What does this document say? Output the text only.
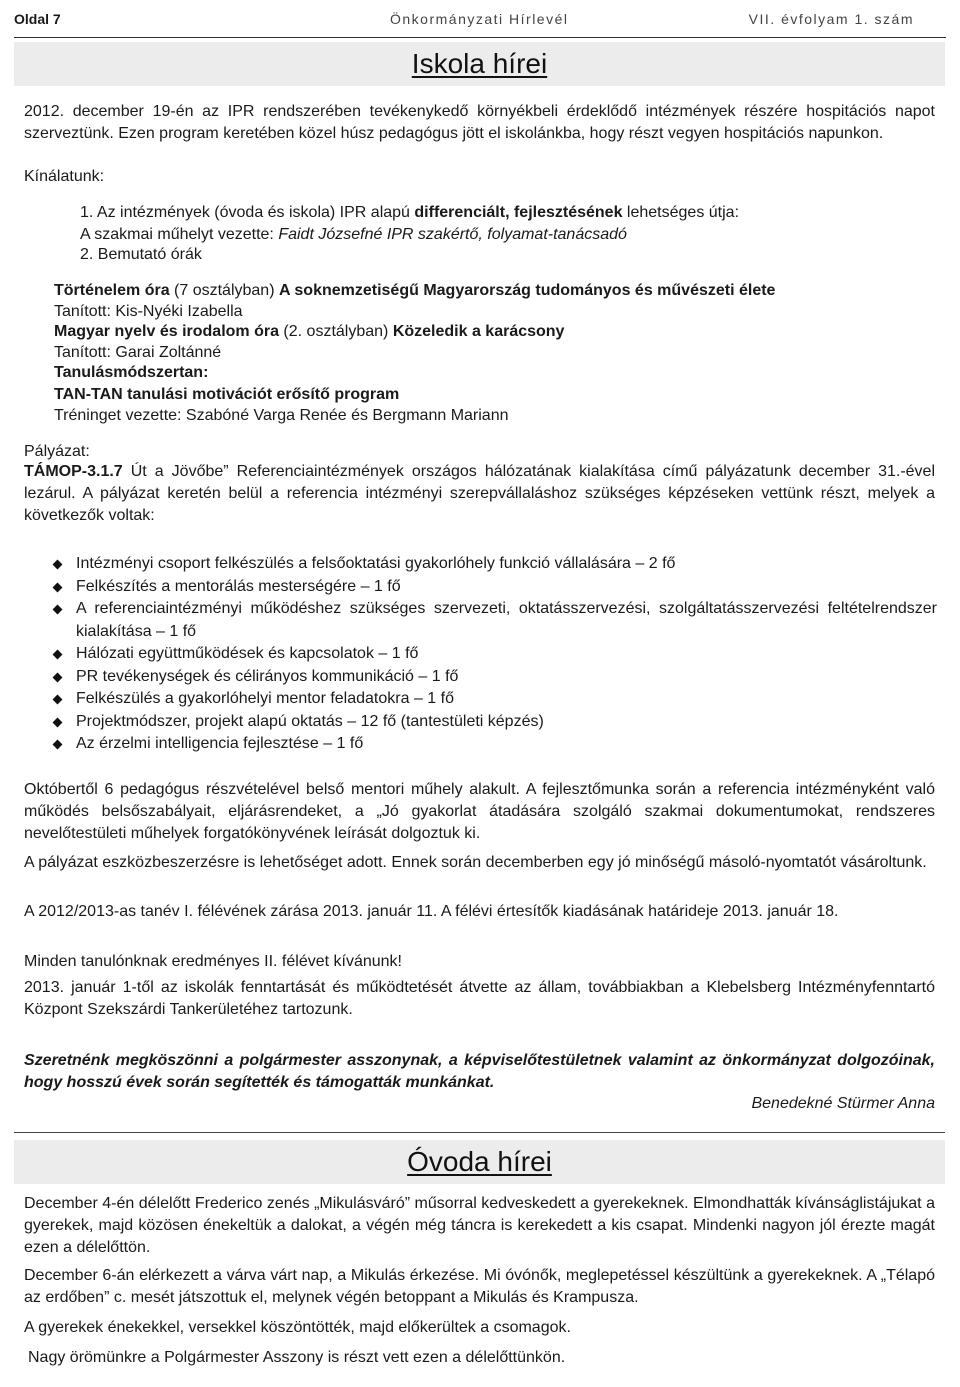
Oldal 7	Önkormányzati Hírlevél	VII. évfolyam 1. szám
Iskola hírei

2012. december 19-én az IPR rendszerében tevékenykedő környékbeli érdeklődő intézmények részére hospitációs napot szerveztünk. Ezen program keretében közel húsz pedagógus jött el iskolánkba, hogy részt vegyen hospitációs napunkon.

Kínálatunk:

1. Az intézmények (óvoda és iskola) IPR alapú differenciált, fejlesztésének lehetséges útja:

A szakmai műhelyt vezette: Faidt Józsefné IPR szakértő, folyamat-tanácsadó

2. Bemutató órák

Történelem óra (7 osztályban) A soknemzetiségű Magyarország tudományos és művészeti élete

Tanított: Kis-Nyéki Izabella

Magyar nyelv és irodalom óra (2. osztályban) Közeledik a karácsony

Tanított: Garai Zoltánné

Tanulásmódszertan:

TAN-TAN tanulási motivációt erősítő program

Tréninget vezette: Szabóné Varga Renée és Bergmann Mariann

Pályázat:

TÁMOP-3.1.7 Út a Jövőbe” Referenciaintézmények országos hálózatának kialakítása című pályázatunk december 31.-ével lezárul. A pályázat keretén belül a referencia intézményi szerepvállaláshoz szükséges képzéseken vettünk részt, melyek a következők voltak:

Intézményi csoport felkészülés a felsőoktatási gyakorlóhely funkció vállalására – 2 fő
Felkészítés a mentorálás mesterségére – 1 fő
A referenciaintézményi működéshez szükséges szervezeti, oktatásszervezési, szolgáltatásszervezési feltételrendszer kialakítása – 1 fő
Hálózati együttműködések és kapcsolatok – 1 fő
PR tevékenységek és célirányos kommunikáció – 1 fő
Felkészülés a gyakorlóhelyi mentor feladatokra – 1 fő
Projektmódszer, projekt alapú oktatás – 12 fő (tantestületi képzés)
Az érzelmi intelligencia fejlesztése – 1 fő

Októbertől 6 pedagógus részvételével belső mentori műhely alakult. A fejlesztőmunka során a referencia intézményként való működés belsőszabályait, eljárásrendeket, a „Jó gyakorlat átadására szolgáló szakmai dokumentumokat, rendszeres nevelőtestületi műhelyek forgatókönyvének leírását dolgoztuk ki.

A pályázat eszközbeszerzésre is lehetőséget adott. Ennek során decemberben egy jó minőségű másoló-nyomtatót vásároltunk.

A 2012/2013-as tanév I. félévének zárása 2013. január 11. A félévi értesítők kiadásának határideje 2013. január 18.

Minden tanulónknak eredményes II. félévet kívánunk!

2013. január 1-től az iskolák fenntartását és működtetését átvette az állam, továbbiakban a Klebelsberg Intézményfenntartó Központ Szekszárdi Tankerületéhez tartozunk.

Szeretnénk megköszönni a polgármester asszonynak, a képviselőtestületnek valamint az önkormányzat dolgozóinak, hogy hosszú évek során segítették és támogatták munkánkat.

Benedekné Stürmer Anna

Óvoda hírei

December 4-én délelőtt Frederico zenés „Mikulásváró” műsorral kedveskedett a gyerekeknek. Elmondhatták kívánságlistájukat a gyerekek, majd közösen énekeltük a dalokat, a végén még táncra is kerekedett a kis csapat. Mindenki nagyon jól érezte magát ezen a délelőttön.

December 6-án elérkezett a várva várt nap, a Mikulás érkezése. Mi óvónők, meglepetéssel készültünk a gyerekeknek. A „Télapó az erdőben” c. mesét játszottuk el, melynek végén betoppant a Mikulás és Krampusza.

A gyerekek énekekkel, versekkel köszöntötték, majd előkerültek a csomagok.

Nagy örömünkre a Polgármester Asszony is részt vett ezen a délelőttünkön.
